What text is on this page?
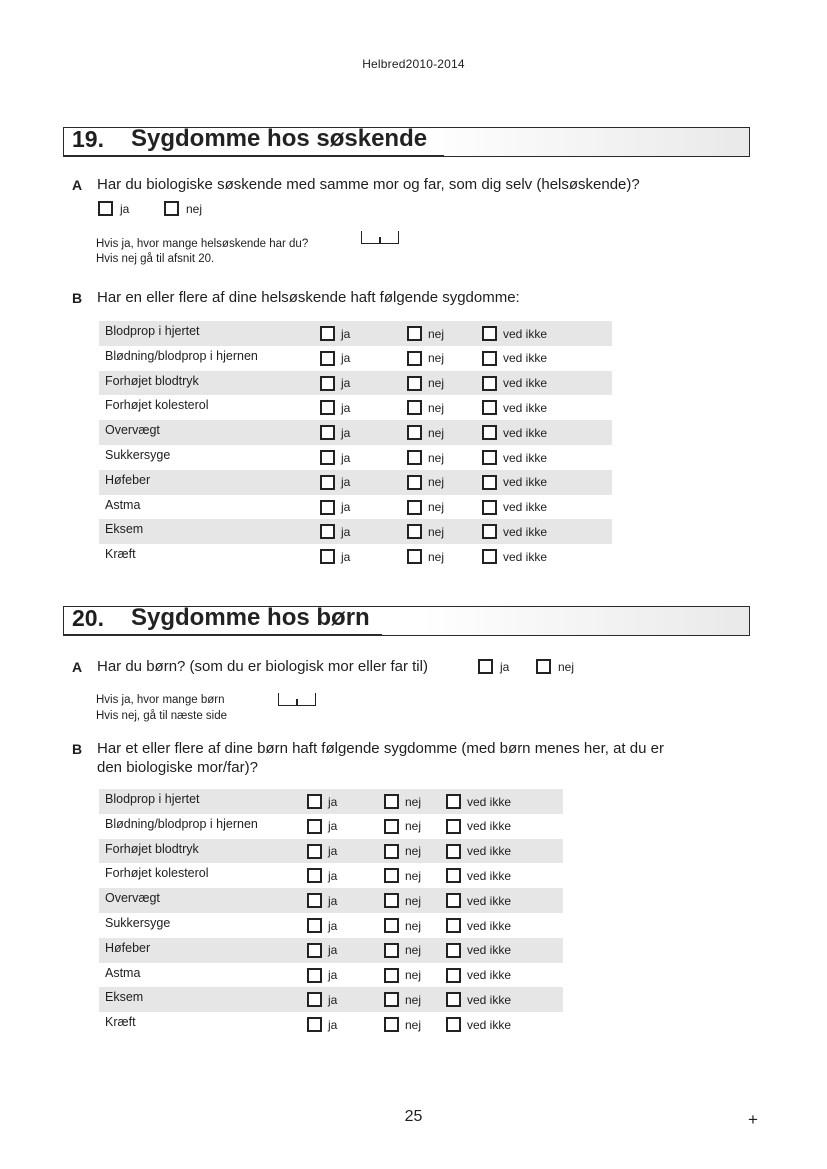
Helbred2010-2014
19. Sygdomme hos søskende
A Har du biologiske søskende med samme mor og far, som dig selv (helsøskende)?
ja	nej
Hvis ja, hvor mange helsøskende har du?
Hvis nej gå til afsnit 20.
B Har en eller flere af dine helsøskende haft følgende sygdomme:
Blodprop i hjertet	ja	nej	ved ikke
Blødning/blodprop i hjernen	ja	nej	ved ikke
Forhøjet blodtryk	ja	nej	ved ikke
Forhøjet kolesterol	ja	nej	ved ikke
Overvægt	ja	nej	ved ikke
Sukkersyge	ja	nej	ved ikke
Høfeber	ja	nej	ved ikke
Astma	ja	nej	ved ikke
Eksem	ja	nej	ved ikke
Kræft	ja	nej	ved ikke
20. Sygdomme hos børn
A Har du børn? (som du er biologisk mor eller far til)	ja	nej
Hvis ja, hvor mange børn
Hvis nej, gå til næste side
B Har et eller flere af dine børn haft følgende sygdomme (med børn menes her, at du er
den biologiske mor/far)?
Blodprop i hjertet	ja	nej	ved ikke
Blødning/blodprop i hjernen	ja	nej	ved ikke
Forhøjet blodtryk	ja	nej	ved ikke
Forhøjet kolesterol	ja	nej	ved ikke
Overvægt	ja	nej	ved ikke
Sukkersyge	ja	nej	ved ikke
Høfeber	ja	nej	ved ikke
Astma	ja	nej	ved ikke
Eksem	ja	nej	ved ikke
Kræft	ja	nej	ved ikke
25	+
